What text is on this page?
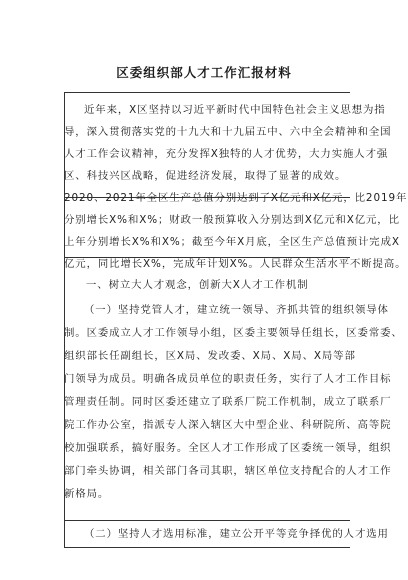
区委组织部人才工作汇报材料
近年来，X区坚持以习近平新时代中国特色社会主义思想为指
导，深入贯彻落实党的十九大和十九届五中、六中全会精神和全国
人才工作会议精神，充分发挥X独特的人才优势，大力实施人才强
区、科技兴区战略，促进经济发展，取得了显著的成效。
2020、2021年全区生产总值分别达到了X亿元和X亿元，比2019年
分别增长X%和X%；财政一般预算收入分别达到X亿元和X亿元，比
上年分别增长X%和X%；截至今年X月底，全区生产总值预计完成X
亿元，同比增长X%，完成年计划X%。人民群众生活水平不断提高。
一、树立大人才观念，创新大X人才工作机制
（一）坚持党管人才，建立统一领导、齐抓共管的组织领导体
制。区委成立人才工作领导小组，区委主要领导任组长，区委常委、
组织部长任副组长，区X局、发改委、X局、X局、X局等部
门领导为成员。明确各成员单位的职责任务，实行了人才工作目标
管理责任制。同时区委还建立了联系厂院工作机制，成立了联系厂
院工作办公室，指派专人深入辖区大中型企业、科研院所、高等院
校加强联系，搞好服务。全区人才工作形成了区委统一领导，组织
部门牵头协调，相关部门各司其职，辖区单位支持配合的人才工作
新格局。
（二）坚持人才选用标准，建立公开平等竞争择优的人才选用
